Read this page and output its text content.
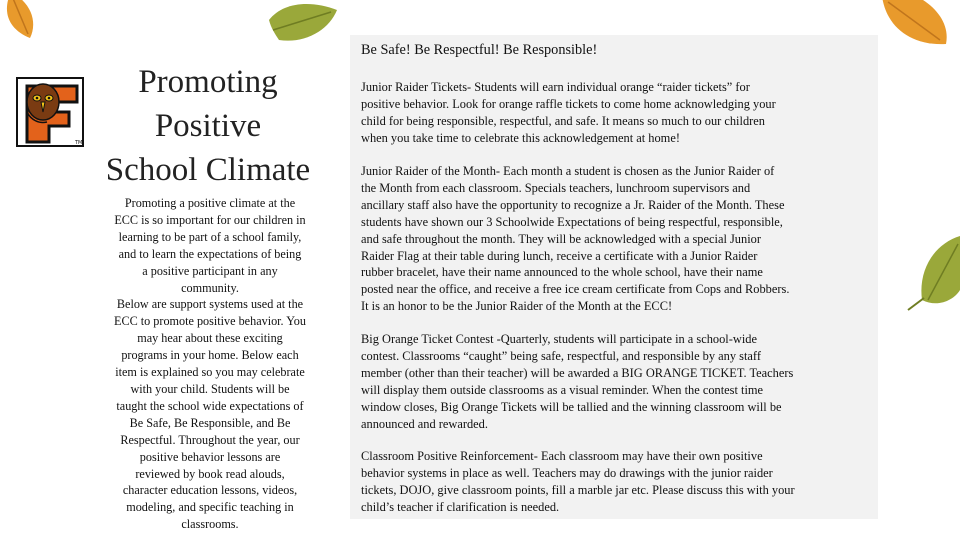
TM
Promoting
Positive
School Climate

Promoting a positive climate at the

ECC is so important for our children in

learning to be part of a school family,

and to learn the expectations of being

a positive participant in any

community.

Below are support systems used at the

ECC to promote positive behavior. You

may hear about these exciting

programs in your home. Below each

item is explained so you may celebrate

with your child. Students will be

taught the school wide expectations of

Be Safe, Be Responsible, and Be

Respectful. Throughout the year, our

positive behavior lessons are

reviewed by book read alouds,

character education lessons, videos,

modeling, and specific teaching in

classrooms.

Be Safe! Be Respectful! Be Responsible!

Junior Raider Tickets- Students will earn individual orange “raider tickets” for

positive behavior. Look for orange raffle tickets to come home acknowledging your

child for being responsible, respectful, and safe. It means so much to our children

when you take time to celebrate this acknowledgement at home!

Junior Raider of the Month- Each month a student is chosen as the Junior Raider of

the Month from each classroom. Specials teachers, lunchroom supervisors and

ancillary staff also have the opportunity to recognize a Jr. Raider of the Month. These

students have shown our 3 Schoolwide Expectations of being respectful, responsible,

and safe throughout the month. They will be acknowledged with a special Junior

Raider Flag at their table during lunch, receive a certificate with a Junior Raider

rubber bracelet, have their name announced to the whole school, have their name

posted near the office, and receive a free ice cream certificate from Cops and Robbers.

It is an honor to be the Junior Raider of the Month at the ECC!

Big Orange Ticket Contest -Quarterly, students will participate in a school-wide

contest. Classrooms “caught” being safe, respectful, and responsible by any staff

member (other than their teacher) will be awarded a BIG ORANGE TICKET. Teachers

will display them outside classrooms as a visual reminder. When the contest time

window closes, Big Orange Tickets will be tallied and the winning classroom will be

announced and rewarded.

Classroom Positive Reinforcement- Each classroom may have their own positive

behavior systems in place as well. Teachers may do drawings with the junior raider

tickets, DOJO, give classroom points, fill a marble jar etc. Please discuss this with your

child’s teacher if clarification is needed.
